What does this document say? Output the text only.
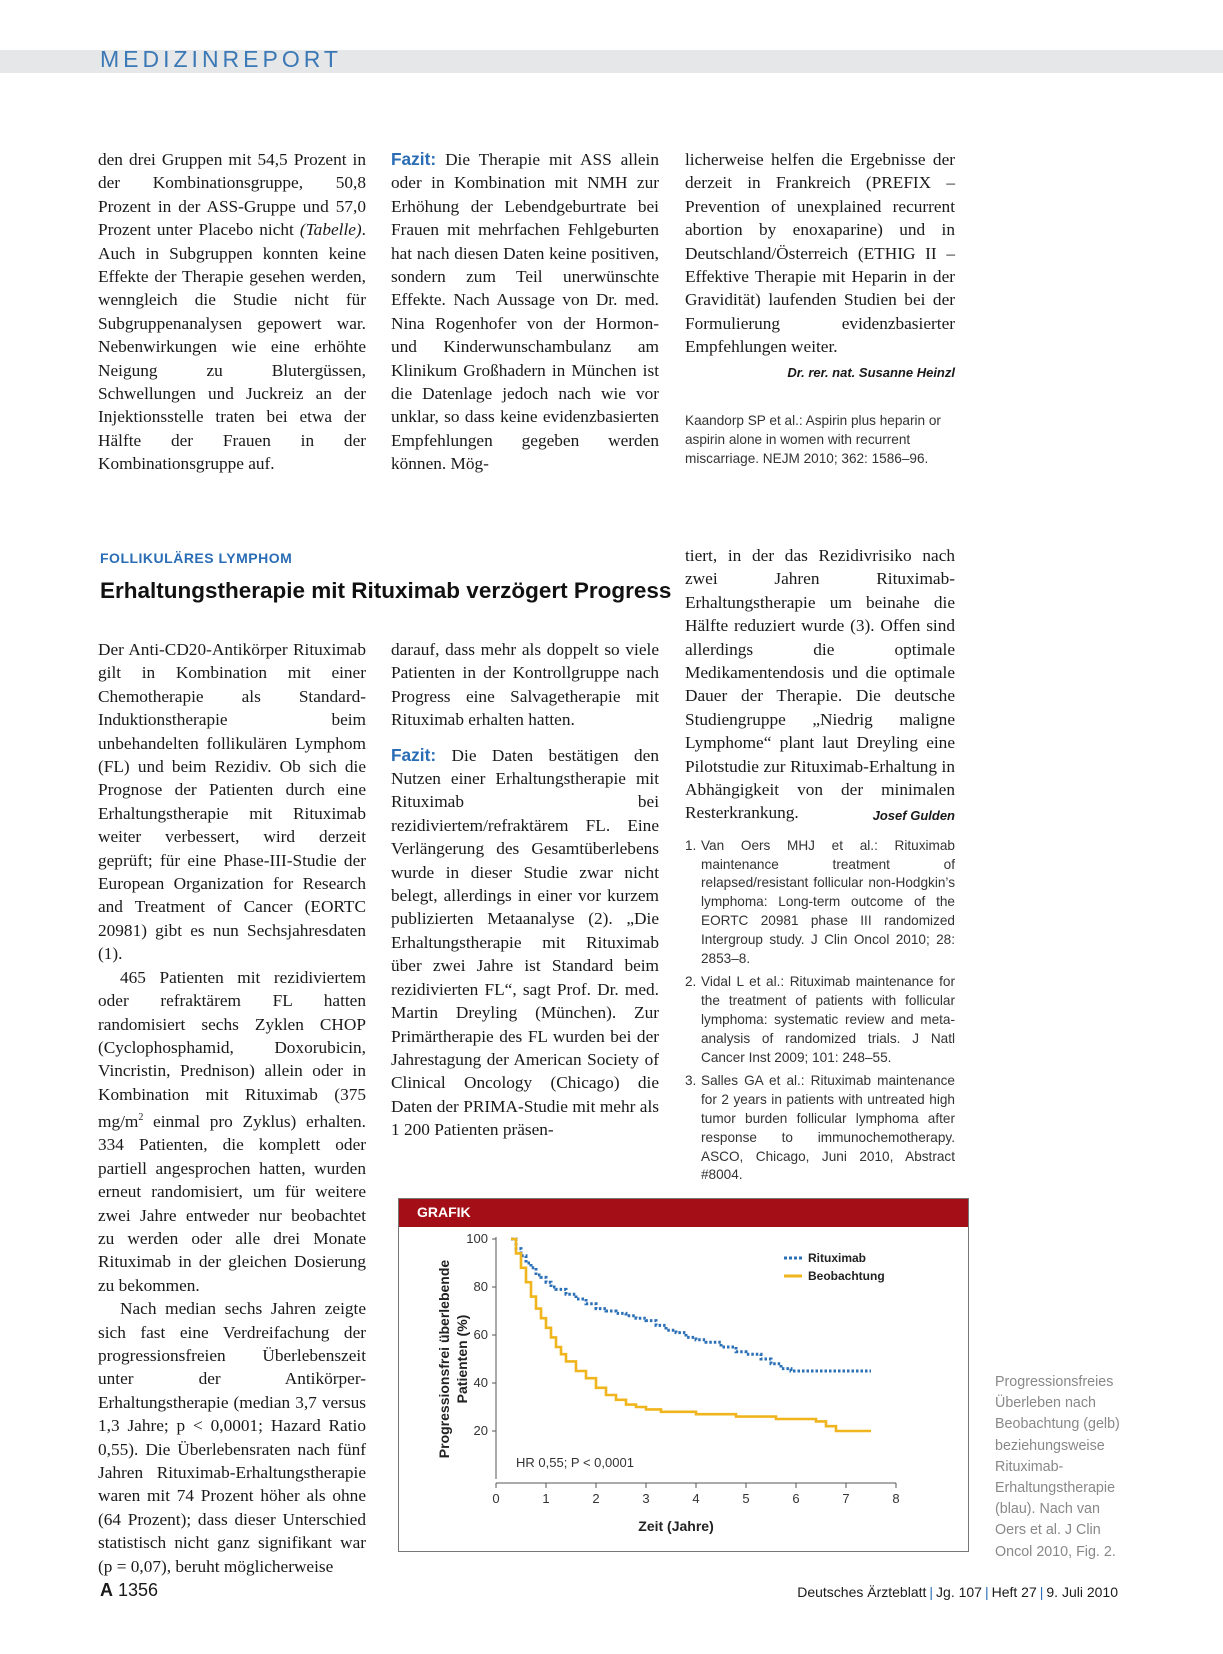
MEDIZINREPORT

den drei Gruppen mit 54,5 Prozent in der Kombinationsgruppe, 50,8 Prozent in der ASS-Gruppe und 57,0 Prozent unter Placebo nicht (Tabelle). Auch in Subgruppen konnten keine Effekte der Therapie gesehen werden, wenngleich die Studie nicht für Subgruppenanalysen gepowert war. Nebenwirkungen wie eine erhöhte Neigung zu Blutergüssen, Schwellungen und Juckreiz an der Injektionsstelle traten bei etwa der Hälfte der Frauen in der Kombinationsgruppe auf.

Fazit: Die Therapie mit ASS allein oder in Kombination mit NMH zur Erhöhung der Lebendgeburtrate bei Frauen mit mehrfachen Fehlgeburten hat nach diesen Daten keine positiven, sondern zum Teil unerwünschte Effekte. Nach Aussage von Dr. med. Nina Rogenhofer von der Hormon- und Kinderwunschambulanz am Klinikum Großhadern in München ist die Datenlage jedoch nach wie vor unklar, so dass keine evidenzbasierten Empfehlungen gegeben werden können. Mög-

licherweise helfen die Ergebnisse der derzeit in Frankreich (PREFIX – Prevention of unexplained recurrent abortion by enoxaparine) und in Deutschland/Österreich (ETHIG II – Effektive Therapie mit Heparin in der Gravidität) laufenden Studien bei der Formulierung evidenzbasierter Empfehlungen weiter.

Dr. rer. nat. Susanne Heinzl

Kaandorp SP et al.: Aspirin plus heparin or aspirin alone in women with recurrent miscarriage. NEJM 2010; 362: 1586–96.

FOLLIKULÄRES LYMPHOM
Erhaltungstherapie mit Rituximab verzögert Progress

Der Anti-CD20-Antikörper Rituximab gilt in Kombination mit einer Chemotherapie als Standard-Induktionstherapie beim unbehandelten follikulären Lymphom (FL) und beim Rezidiv. Ob sich die Prognose der Patienten durch eine Erhaltungstherapie mit Rituximab weiter verbessert, wird derzeit geprüft; für eine Phase-III-Studie der European Organization for Research and Treatment of Cancer (EORTC 20981) gibt es nun Sechsjahresdaten (1).

465 Patienten mit rezidiviertem oder refraktärem FL hatten randomisiert sechs Zyklen CHOP (Cyclophosphamid, Doxorubicin, Vincristin, Prednison) allein oder in Kombination mit Rituximab (375 $mg/m^2$ einmal pro Zyklus) erhalten. 334 Patienten, die komplett oder partiell angesprochen hatten, wurden erneut randomisiert, um für weitere zwei Jahre entweder nur beobachtet zu werden oder alle drei Monate Rituximab in der gleichen Dosierung zu bekommen.

Nach median sechs Jahren zeigte sich fast eine Verdreifachung der progressionsfreien Überlebenszeit unter der Antikörper-Erhaltungstherapie (median 3,7 versus 1,3 Jahre; p < 0,0001; Hazard Ratio 0,55). Die Überlebensraten nach fünf Jahren Rituximab-Erhaltungstherapie waren mit 74 Prozent höher als ohne (64 Prozent); dass dieser Unterschied statistisch nicht ganz signifikant war (p = 0,07), beruht möglicherweise

darauf, dass mehr als doppelt so viele Patienten in der Kontrollgruppe nach Progress eine Salvagetherapie mit Rituximab erhalten hatten.

Fazit: Die Daten bestätigen den Nutzen einer Erhaltungstherapie mit Rituximab bei rezidiviertem/refraktärem FL. Eine Verlängerung des Gesamtüberlebens wurde in dieser Studie zwar nicht belegt, allerdings in einer vor kurzem publizierten Metaanalyse (2). „Die Erhaltungstherapie mit Rituximab über zwei Jahre ist Standard beim rezidivierten FL“, sagt Prof. Dr. med. Martin Dreyling (München). Zur Primärtherapie des FL wurden bei der Jahrestagung der American Society of Clinical Oncology (Chicago) die Daten der PRIMA-Studie mit mehr als 1 200 Patienten präsen-

tiert, in der das Rezidivrisiko nach zwei Jahren Rituximab-Erhaltungstherapie um beinahe die Hälfte reduziert wurde (3). Offen sind allerdings die optimale Medikamentendosis und die optimale Dauer der Therapie. Die deutsche Studiengruppe „Niedrig maligne Lymphome“ plant laut Dreyling eine Pilotstudie zur Rituximab-Erhaltung in Abhängigkeit von der minimalen Resterkrankung.	Josef Gulden

1. Van Oers MHJ et al.: Rituximab maintenance treatment of relapsed/resistant follicular non-Hodgkin’s lymphoma: Long-term outcome of the EORTC 20981 phase III randomized Intergroup study. J Clin Oncol 2010; 28: 2853–8.
2. Vidal L et al.: Rituximab maintenance for the treatment of patients with follicular lymphoma: systematic review and meta-analysis of randomized trials. J Natl Cancer Inst 2009; 101: 248–55.
3. Salles GA et al.: Rituximab maintenance for 2 years in patients with untreated high tumor burden follicular lymphoma after response to immunochemotherapy. ASCO, Chicago, Juni 2010, Abstract #8004.
GRAFIK
20
40
60
80
100
0	1	2	3	4	5	6	7	8
Zeit (Jahre)
Progressionsfrei überlebende Patienten (%)
Rituximab
Beobachtung
HR 0,55; P < 0,0001
Progressionsfreies Überleben nach Beobachtung (gelb) beziehungsweise Rituximab-Erhaltungstherapie (blau). Nach van Oers et al. J Clin Oncol 2010, Fig. 2.
A 1356	Deutsches Ärzteblatt | Jg. 107 | Heft 27 | 9. Juli 2010
